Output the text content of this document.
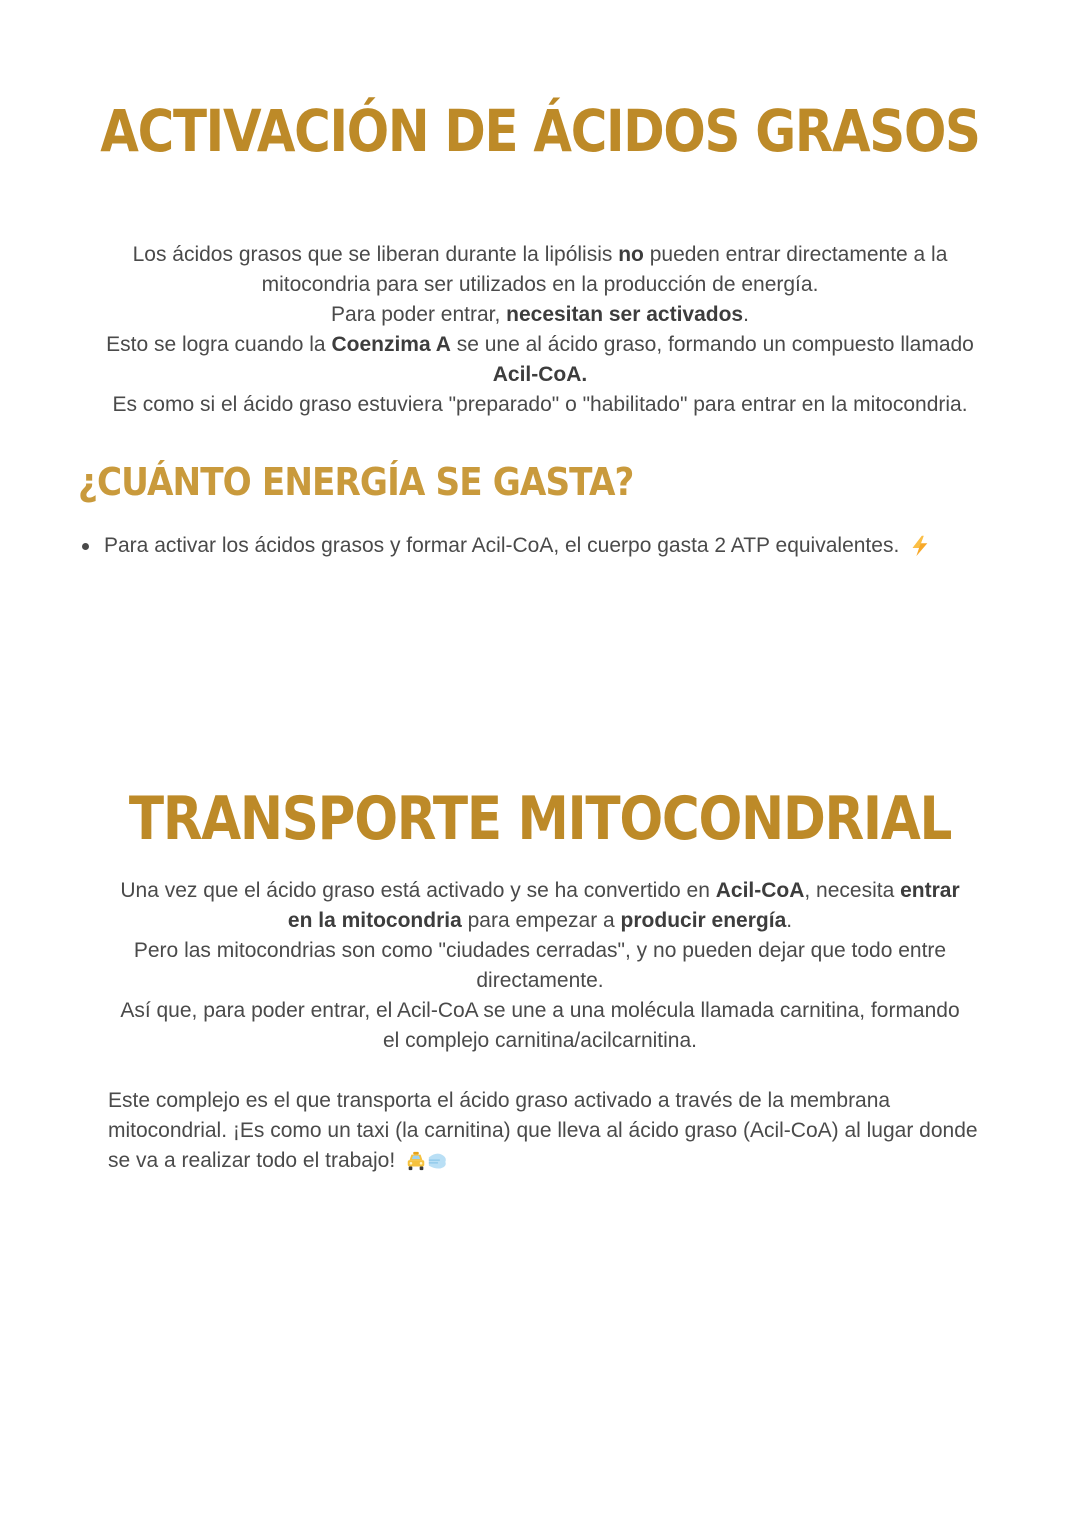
ACTIVACIÓN DE ÁCIDOS GRASOS
Los ácidos grasos que se liberan durante la lipólisis no pueden entrar directamente a la mitocondria para ser utilizados en la producción de energía.
Para poder entrar, necesitan ser activados.
Esto se logra cuando la Coenzima A se une al ácido graso, formando un compuesto llamado Acil-CoA.
Es como si el ácido graso estuviera "preparado" o "habilitado" para entrar en la mitocondria.
¿CUÁNTO ENERGÍA SE GASTA?
Para activar los ácidos grasos y formar Acil-CoA, el cuerpo gasta 2 ATP equivalentes.
TRANSPORTE MITOCONDRIAL
Una vez que el ácido graso está activado y se ha convertido en Acil-CoA, necesita entrar en la mitocondria para empezar a producir energía.
Pero las mitocondrias son como "ciudades cerradas", y no pueden dejar que todo entre directamente.
Así que, para poder entrar, el Acil-CoA se une a una molécula llamada carnitina, formando el complejo carnitina/acilcarnitina.
Este complejo es el que transporta el ácido graso activado a través de la membrana mitocondrial. ¡Es como un taxi (la carnitina) que lleva al ácido graso (Acil-CoA) al lugar donde se va a realizar todo el trabajo!
